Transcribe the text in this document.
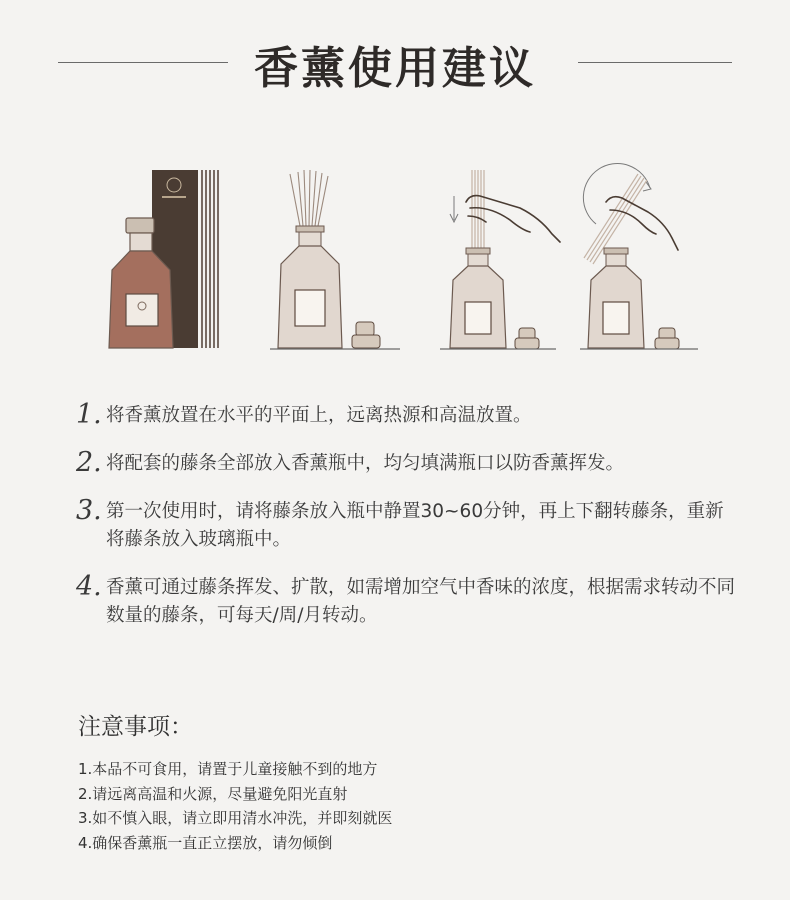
香薰使用建议
1. 将香薰放置在水平的平面上，远离热源和高温放置。
2. 将配套的藤条全部放入香薰瓶中，均匀填满瓶口以防香薰挥发。
3. 第一次使用时，请将藤条放入瓶中静置30~60分钟，再上下翻转藤条，重新将藤条放入玻璃瓶中。
4. 香薰可通过藤条挥发、扩散，如需增加空气中香味的浓度，根据需求转动不同数量的藤条，可每天/周/月转动。
注意事项：
1.本品不可食用，请置于儿童接触不到的地方
2.请远离高温和火源，尽量避免阳光直射
3.如不慎入眼，请立即用清水冲洗，并即刻就医
4.确保香薰瓶一直正立摆放，请勿倾倒
